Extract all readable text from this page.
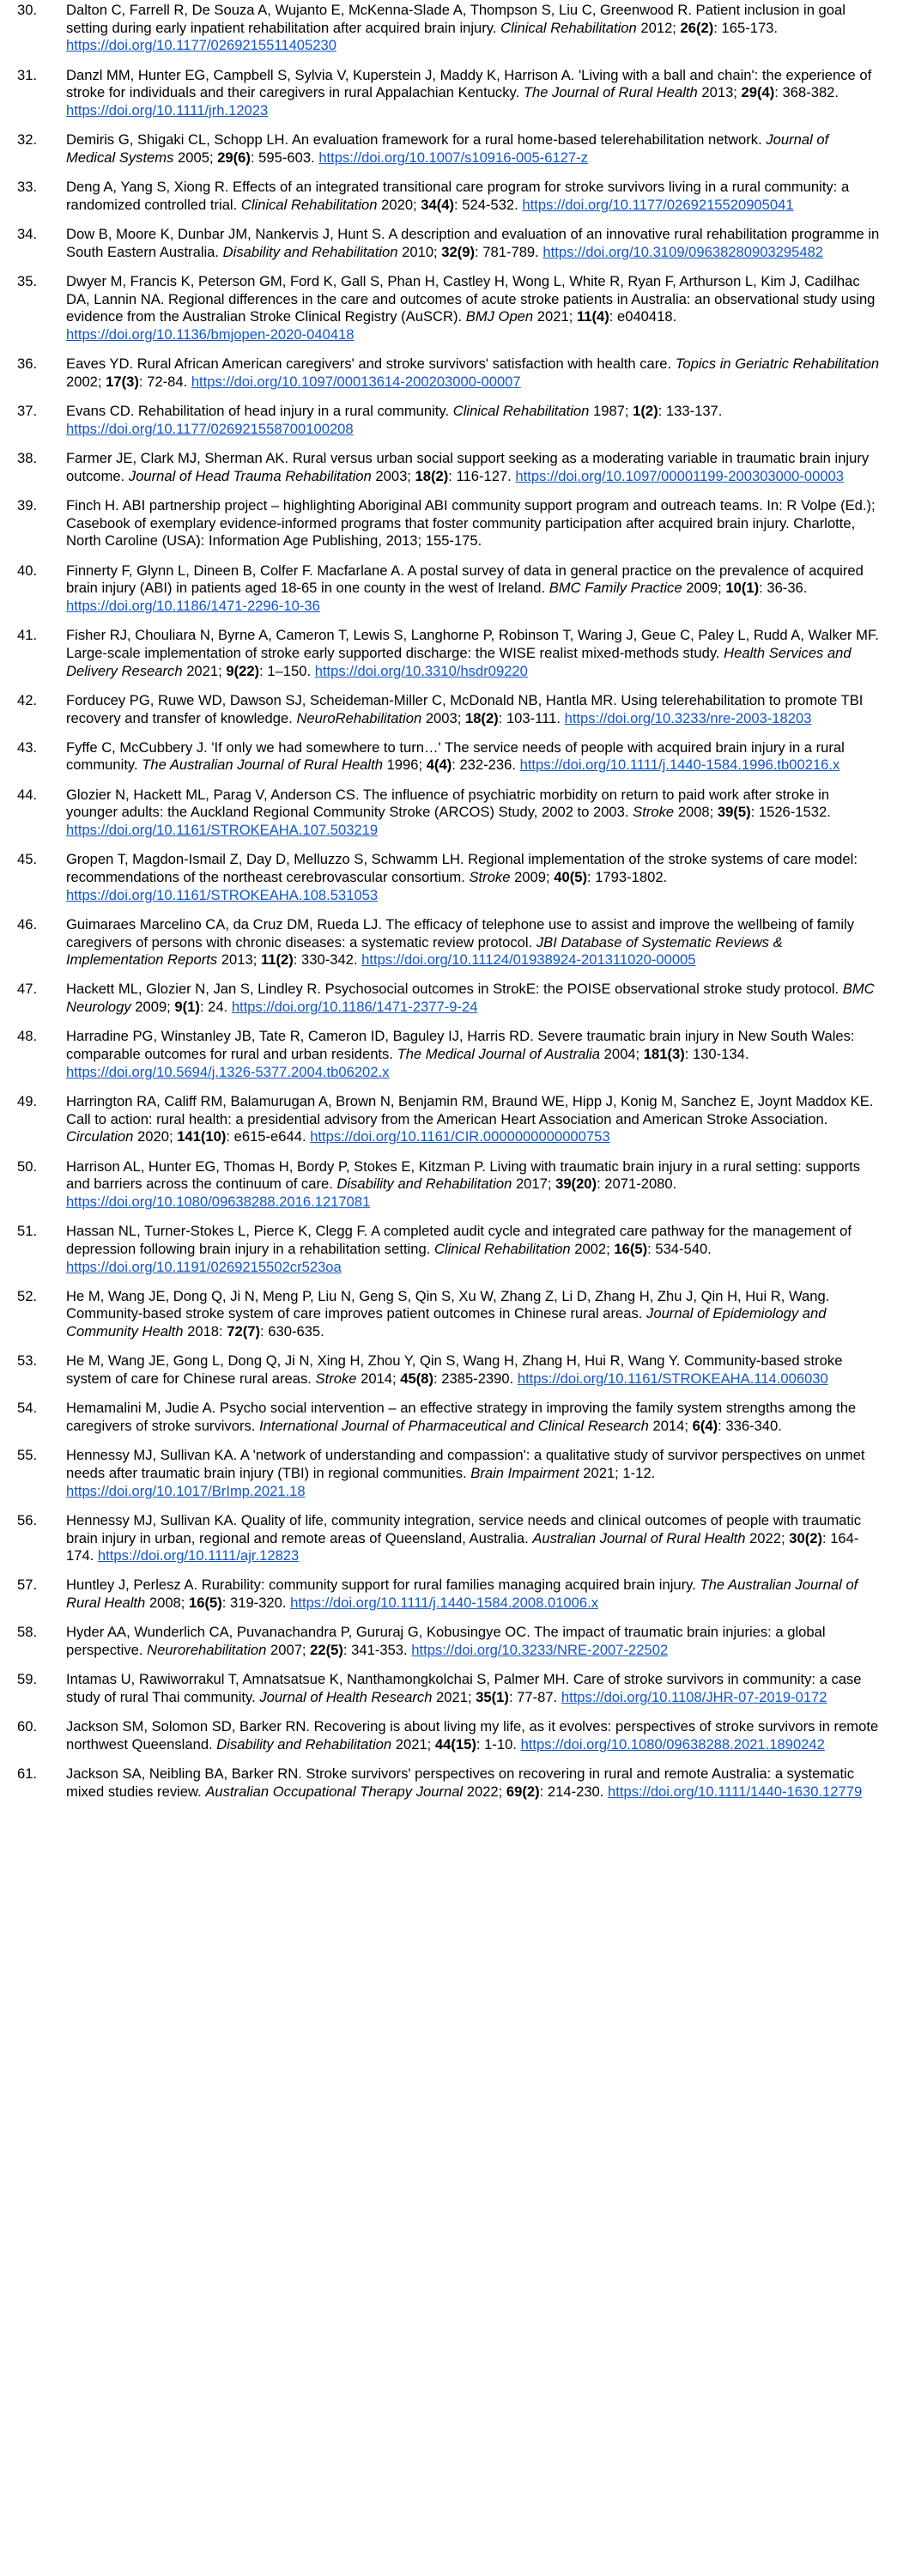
30. Dalton C, Farrell R, De Souza A, Wujanto E, McKenna-Slade A, Thompson S, Liu C, Greenwood R. Patient inclusion in goal setting during early inpatient rehabilitation after acquired brain injury. Clinical Rehabilitation 2012; 26(2): 165-173. https://doi.org/10.1177/0269215511405230
31. Danzl MM, Hunter EG, Campbell S, Sylvia V, Kuperstein J, Maddy K, Harrison A. 'Living with a ball and chain': the experience of stroke for individuals and their caregivers in rural Appalachian Kentucky. The Journal of Rural Health 2013; 29(4): 368-382. https://doi.org/10.1111/jrh.12023
32. Demiris G, Shigaki CL, Schopp LH. An evaluation framework for a rural home-based telerehabilitation network. Journal of Medical Systems 2005; 29(6): 595-603. https://doi.org/10.1007/s10916-005-6127-z
33. Deng A, Yang S, Xiong R. Effects of an integrated transitional care program for stroke survivors living in a rural community: a randomized controlled trial. Clinical Rehabilitation 2020; 34(4): 524-532. https://doi.org/10.1177/0269215520905041
34. Dow B, Moore K, Dunbar JM, Nankervis J, Hunt S. A description and evaluation of an innovative rural rehabilitation programme in South Eastern Australia. Disability and Rehabilitation 2010; 32(9): 781-789. https://doi.org/10.3109/09638280903295482
35. Dwyer M, Francis K, Peterson GM, Ford K, Gall S, Phan H, Castley H, Wong L, White R, Ryan F, Arthurson L, Kim J, Cadilhac DA, Lannin NA. Regional differences in the care and outcomes of acute stroke patients in Australia: an observational study using evidence from the Australian Stroke Clinical Registry (AuSCR). BMJ Open 2021; 11(4): e040418. https://doi.org/10.1136/bmjopen-2020-040418
36. Eaves YD. Rural African American caregivers' and stroke survivors' satisfaction with health care. Topics in Geriatric Rehabilitation 2002; 17(3): 72-84. https://doi.org/10.1097/00013614-200203000-00007
37. Evans CD. Rehabilitation of head injury in a rural community. Clinical Rehabilitation 1987; 1(2): 133-137. https://doi.org/10.1177/026921558700100208
38. Farmer JE, Clark MJ, Sherman AK. Rural versus urban social support seeking as a moderating variable in traumatic brain injury outcome. Journal of Head Trauma Rehabilitation 2003; 18(2): 116-127. https://doi.org/10.1097/00001199-200303000-00003
39. Finch H. ABI partnership project – highlighting Aboriginal ABI community support program and outreach teams. In: R Volpe (Ed.); Casebook of exemplary evidence-informed programs that foster community participation after acquired brain injury. Charlotte, North Caroline (USA): Information Age Publishing, 2013; 155-175.
40. Finnerty F, Glynn L, Dineen B, Colfer F. Macfarlane A. A postal survey of data in general practice on the prevalence of acquired brain injury (ABI) in patients aged 18-65 in one county in the west of Ireland. BMC Family Practice 2009; 10(1): 36-36. https://doi.org/10.1186/1471-2296-10-36
41. Fisher RJ, Chouliara N, Byrne A, Cameron T, Lewis S, Langhorne P, Robinson T, Waring J, Geue C, Paley L, Rudd A, Walker MF. Large-scale implementation of stroke early supported discharge: the WISE realist mixed-methods study. Health Services and Delivery Research 2021; 9(22): 1–150. https://doi.org/10.3310/hsdr09220
42. Forducey PG, Ruwe WD, Dawson SJ, Scheideman-Miller C, McDonald NB, Hantla MR. Using telerehabilitation to promote TBI recovery and transfer of knowledge. NeuroRehabilitation 2003; 18(2): 103-111. https://doi.org/10.3233/nre-2003-18203
43. Fyffe C, McCubbery J. 'If only we had somewhere to turn…' The service needs of people with acquired brain injury in a rural community. The Australian Journal of Rural Health 1996; 4(4): 232-236. https://doi.org/10.1111/j.1440-1584.1996.tb00216.x
44. Glozier N, Hackett ML, Parag V, Anderson CS. The influence of psychiatric morbidity on return to paid work after stroke in younger adults: the Auckland Regional Community Stroke (ARCOS) Study, 2002 to 2003. Stroke 2008; 39(5): 1526-1532. https://doi.org/10.1161/STROKEAHA.107.503219
45. Gropen T, Magdon-Ismail Z, Day D, Melluzzo S, Schwamm LH. Regional implementation of the stroke systems of care model: recommendations of the northeast cerebrovascular consortium. Stroke 2009; 40(5): 1793-1802. https://doi.org/10.1161/STROKEAHA.108.531053
46. Guimaraes Marcelino CA, da Cruz DM, Rueda LJ. The efficacy of telephone use to assist and improve the wellbeing of family caregivers of persons with chronic diseases: a systematic review protocol. JBI Database of Systematic Reviews & Implementation Reports 2013; 11(2): 330-342. https://doi.org/10.11124/01938924-201311020-00005
47. Hackett ML, Glozier N, Jan S, Lindley R. Psychosocial outcomes in StrokE: the POISE observational stroke study protocol. BMC Neurology 2009; 9(1): 24. https://doi.org/10.1186/1471-2377-9-24
48. Harradine PG, Winstanley JB, Tate R, Cameron ID, Baguley IJ, Harris RD. Severe traumatic brain injury in New South Wales: comparable outcomes for rural and urban residents. The Medical Journal of Australia 2004; 181(3): 130-134. https://doi.org/10.5694/j.1326-5377.2004.tb06202.x
49. Harrington RA, Califf RM, Balamurugan A, Brown N, Benjamin RM, Braund WE, Hipp J, Konig M, Sanchez E, Joynt Maddox KE. Call to action: rural health: a presidential advisory from the American Heart Association and American Stroke Association. Circulation 2020; 141(10): e615-e644. https://doi.org/10.1161/CIR.0000000000000753
50. Harrison AL, Hunter EG, Thomas H, Bordy P, Stokes E, Kitzman P. Living with traumatic brain injury in a rural setting: supports and barriers across the continuum of care. Disability and Rehabilitation 2017; 39(20): 2071-2080. https://doi.org/10.1080/09638288.2016.1217081
51. Hassan NL, Turner-Stokes L, Pierce K, Clegg F. A completed audit cycle and integrated care pathway for the management of depression following brain injury in a rehabilitation setting. Clinical Rehabilitation 2002; 16(5): 534-540. https://doi.org/10.1191/0269215502cr523oa
52. He M, Wang JE, Dong Q, Ji N, Meng P, Liu N, Geng S, Qin S, Xu W, Zhang Z, Li D, Zhang H, Zhu J, Qin H, Hui R, Wang. Community-based stroke system of care improves patient outcomes in Chinese rural areas. Journal of Epidemiology and Community Health 2018: 72(7): 630-635.
53. He M, Wang JE, Gong L, Dong Q, Ji N, Xing H, Zhou Y, Qin S, Wang H, Zhang H, Hui R, Wang Y. Community-based stroke system of care for Chinese rural areas. Stroke 2014; 45(8): 2385-2390. https://doi.org/10.1161/STROKEAHA.114.006030
54. Hemamalini M, Judie A. Psycho social intervention – an effective strategy in improving the family system strengths among the caregivers of stroke survivors. International Journal of Pharmaceutical and Clinical Research 2014; 6(4): 336-340.
55. Hennessy MJ, Sullivan KA. A 'network of understanding and compassion': a qualitative study of survivor perspectives on unmet needs after traumatic brain injury (TBI) in regional communities. Brain Impairment 2021; 1-12. https://doi.org/10.1017/BrImp.2021.18
56. Hennessy MJ, Sullivan KA. Quality of life, community integration, service needs and clinical outcomes of people with traumatic brain injury in urban, regional and remote areas of Queensland, Australia. Australian Journal of Rural Health 2022; 30(2): 164-174. https://doi.org/10.1111/ajr.12823
57. Huntley J, Perlesz A. Rurability: community support for rural families managing acquired brain injury. The Australian Journal of Rural Health 2008; 16(5): 319-320. https://doi.org/10.1111/j.1440-1584.2008.01006.x
58. Hyder AA, Wunderlich CA, Puvanachandra P, Gururaj G, Kobusingye OC. The impact of traumatic brain injuries: a global perspective. Neurorehabilitation 2007; 22(5): 341-353. https://doi.org/10.3233/NRE-2007-22502
59. Intamas U, Rawiworrakul T, Amnatsatsue K, Nanthamongkolchai S, Palmer MH. Care of stroke survivors in community: a case study of rural Thai community. Journal of Health Research 2021; 35(1): 77-87. https://doi.org/10.1108/JHR-07-2019-0172
60. Jackson SM, Solomon SD, Barker RN. Recovering is about living my life, as it evolves: perspectives of stroke survivors in remote northwest Queensland. Disability and Rehabilitation 2021; 44(15): 1-10. https://doi.org/10.1080/09638288.2021.1890242
61. Jackson SA, Neibling BA, Barker RN. Stroke survivors' perspectives on recovering in rural and remote Australia: a systematic mixed studies review. Australian Occupational Therapy Journal 2022; 69(2): 214-230. https://doi.org/10.1111/1440-1630.12779
